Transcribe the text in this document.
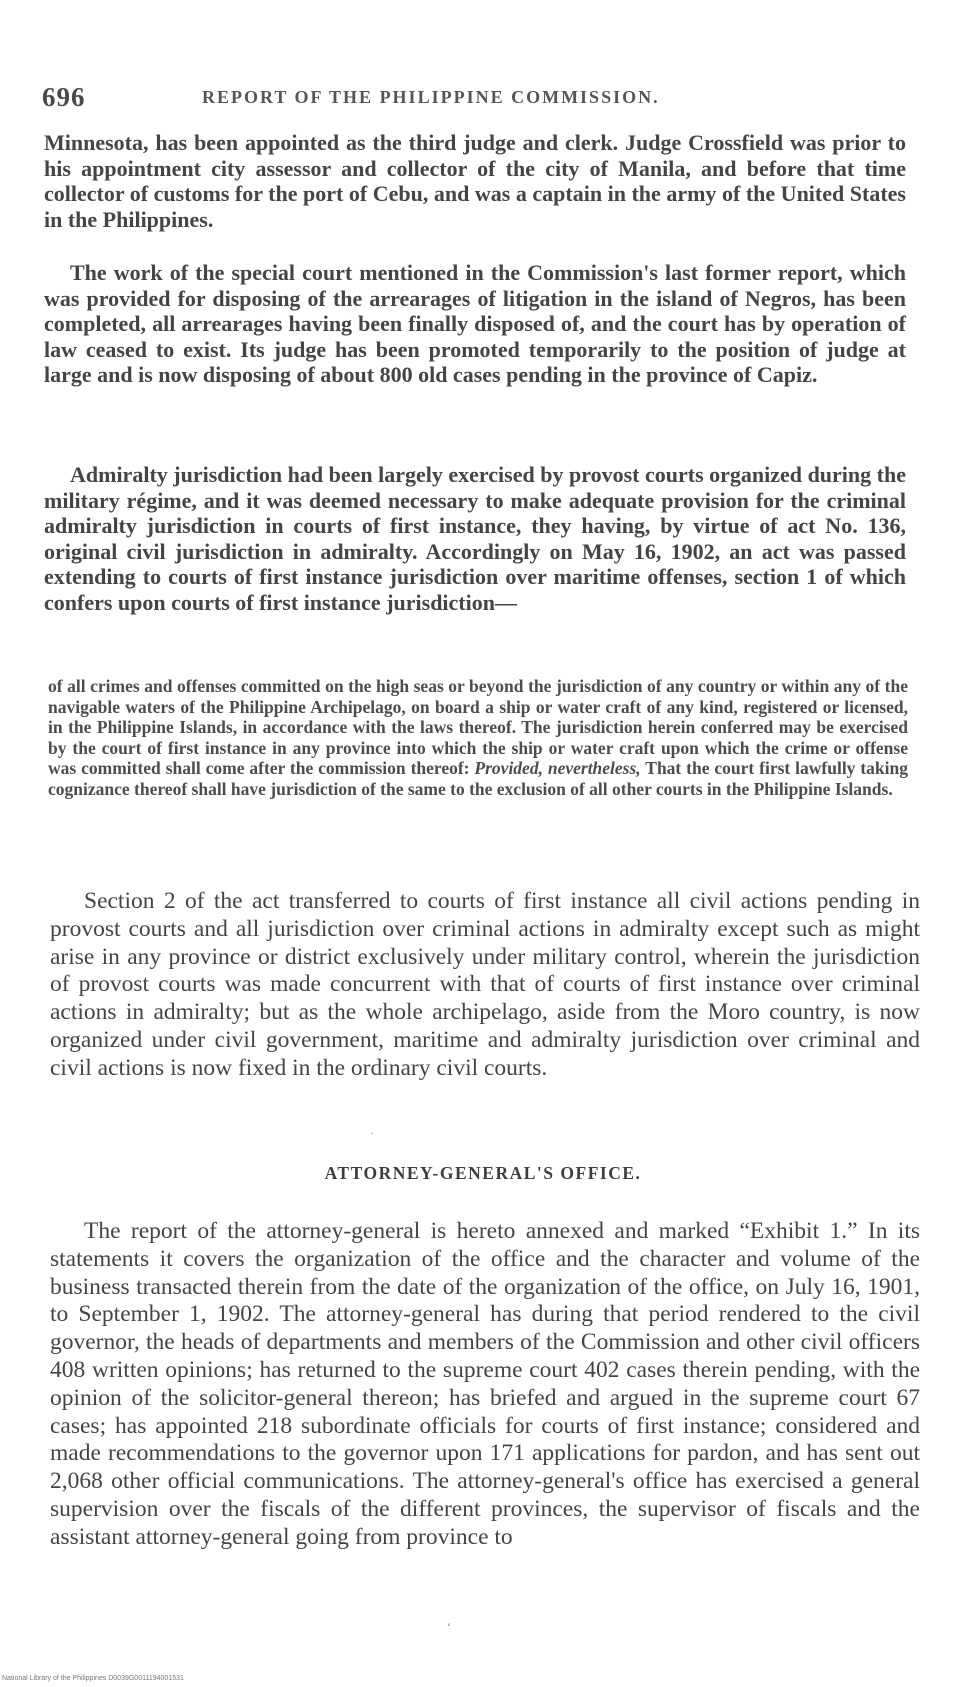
696	REPORT OF THE PHILIPPINE COMMISSION.

Minnesota, has been appointed as the third judge and clerk. Judge Crossfield was prior to his appointment city assessor and collector of the city of Manila, and before that time collector of customs for the port of Cebu, and was a captain in the army of the United States in the Philippines.

The work of the special court mentioned in the Commission's last former report, which was provided for disposing of the arrearages of litigation in the island of Negros, has been completed, all arrearages having been finally disposed of, and the court has by operation of law ceased to exist. Its judge has been promoted temporarily to the position of judge at large and is now disposing of about 800 old cases pending in the province of Capiz.

Admiralty jurisdiction had been largely exercised by provost courts organized during the military régime, and it was deemed necessary to make adequate provision for the criminal admiralty jurisdiction in courts of first instance, they having, by virtue of act No. 136, original civil jurisdiction in admiralty. Accordingly on May 16, 1902, an act was passed extending to courts of first instance jurisdiction over maritime offenses, section 1 of which confers upon courts of first instance jurisdiction—

of all crimes and offenses committed on the high seas or beyond the jurisdiction of any country or within any of the navigable waters of the Philippine Archipelago, on board a ship or water craft of any kind, registered or licensed, in the Philippine Islands, in accordance with the laws thereof. The jurisdiction herein conferred may be exercised by the court of first instance in any province into which the ship or water craft upon which the crime or offense was committed shall come after the commission thereof: Provided, nevertheless, That the court first lawfully taking cognizance thereof shall have jurisdiction of the same to the exclusion of all other courts in the Philippine Islands.

Section 2 of the act transferred to courts of first instance all civil actions pending in provost courts and all jurisdiction over criminal actions in admiralty except such as might arise in any province or district exclusively under military control, wherein the jurisdiction of provost courts was made concurrent with that of courts of first instance over criminal actions in admiralty; but as the whole archipelago, aside from the Moro country, is now organized under civil government, maritime and admiralty jurisdiction over criminal and civil actions is now fixed in the ordinary civil courts.

ATTORNEY-GENERAL'S OFFICE.

The report of the attorney-general is hereto annexed and marked “Exhibit 1.” In its statements it covers the organization of the office and the character and volume of the business transacted therein from the date of the organization of the office, on July 16, 1901, to September 1, 1902. The attorney-general has during that period rendered to the civil governor, the heads of departments and members of the Commission and other civil officers 408 written opinions; has returned to the supreme court 402 cases therein pending, with the opinion of the solicitor-general thereon; has briefed and argued in the supreme court 67 cases; has appointed 218 subordinate officials for courts of first instance; considered and made recommendations to the governor upon 171 applications for pardon, and has sent out 2,068 other official communications. The attorney-general's office has exercised a general supervision over the fiscals of the different provinces, the supervisor of fiscals and the assistant attorney-general going from province to

·
‘
National Library of the Philippines D0039G0011194001531
